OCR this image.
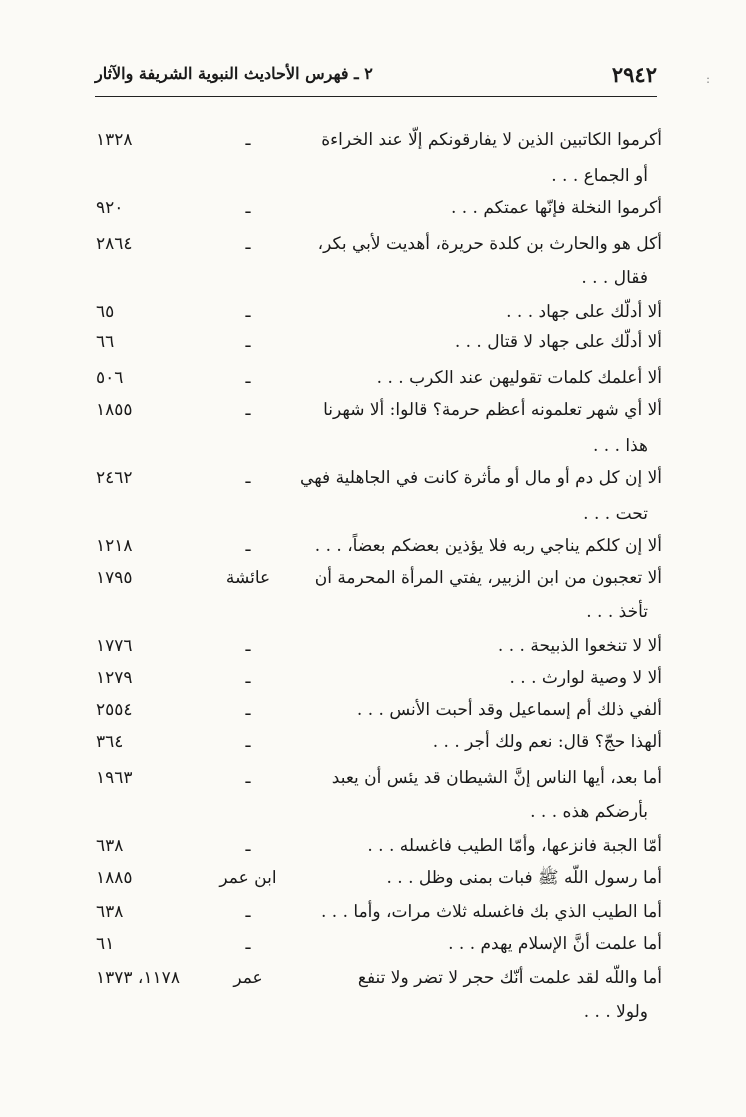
٢٩٤٢
٢ ـ فهرس الأحاديث النبوية الشريفة والآثار	:
أكرموا الكاتبين الذين لا يفارقونكم إلّا عند الخراءة
ـ
١٣٢٨
أو الجماع . . .
أكرموا النخلة فإنّها عمتكم . . .
ـ
٩٢٠
أكل هو والحارث بن كلدة حريرة، أهديت لأبي بكر،
ـ
٢٨٦٤
فقال . . .
ألا أدلّك على جهاد . . .
ـ
٦٥
ألا أدلّك على جهاد لا قتال . . .
ـ
٦٦
ألا أعلمك كلمات تقوليهن عند الكرب . . .
ـ
٥٠٦
ألا أي شهر تعلمونه أعظم حرمة؟ قالوا: ألا شهرنا
ـ
١٨٥٥
هذا . . .
ألا إن كل دم أو مال أو مأثرة كانت في الجاهلية فهي
ـ
٢٤٦٢
تحت . . .
ألا إن كلكم يناجي ربه فلا يؤذين بعضكم بعضاً، . . .
ـ
١٢١٨
ألا تعجبون من ابن الزبير، يفتي المرأة المحرمة أن
عائشة
١٧٩٥
تأخذ . . .
ألا لا تنخعوا الذبيحة . . .
ـ
١٧٧٦
ألا لا وصية لوارث . . .
ـ
١٢٧٩
ألفي ذلك أم إسماعيل وقد أحبت الأنس . . .
ـ
٢٥٥٤
ألهذا حجّ؟ قال: نعم ولك أجر . . .
ـ
٣٦٤
أما بعد، أيها الناس إنَّ الشيطان قد يئس أن يعبد
ـ
١٩٦٣
بأرضكم هذه . . .
أمّا الجبة فانزعها، وأمّا الطيب فاغسله . . .
ـ
٦٣٨
أما رسول اللّه ﷺ فبات بمنى وظل . . .
ابن عمر
١٨٨٥
أما الطيب الذي بك فاغسله ثلاث مرات، وأما . . .
ـ
٦٣٨
أما علمت أنَّ الإسلام يهدم . . .
ـ
٦١
أما واللّه لقد علمت أنّك حجر لا تضر ولا تنفع
عمر
١١٧٨، ١٣٧٣
ولولا . . .
